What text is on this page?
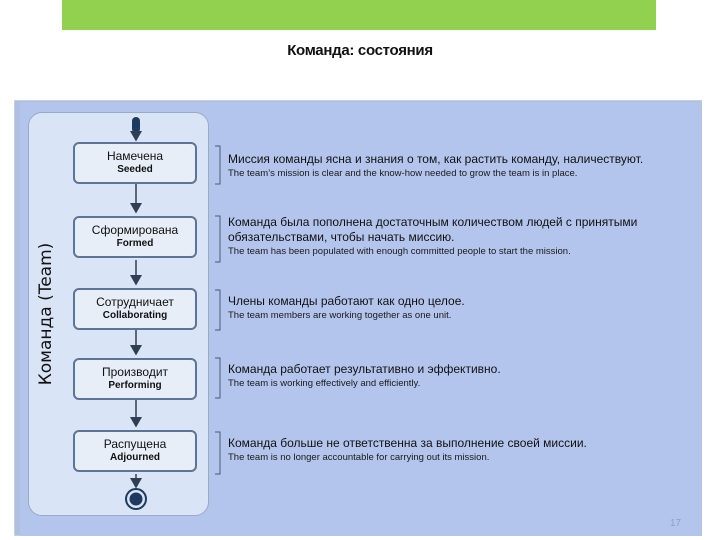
Команда: состояния
Команда (Team)
Намечена
Seeded
Сформирована
Formed
Сотрудничает
Collaborating
Производит
Performing
Распущена
Adjourned
Миссия команды ясна и знания о том, как растить команду, наличествуют.
The team’s mission is clear and the know-how needed to grow the team is in place.
Команда была пополнена достаточным количеством людей с принятыми обязательствами, чтобы начать миссию.
The team has been populated with enough committed people to start the mission.
Члены команды работают как одно целое.
The team members are working together as one unit.
Команда работает результативно и эффективно.
The team is working effectively and efficiently.
Команда больше не ответственна за выполнение своей миссии.
The team is no longer accountable for carrying out its mission.
17
